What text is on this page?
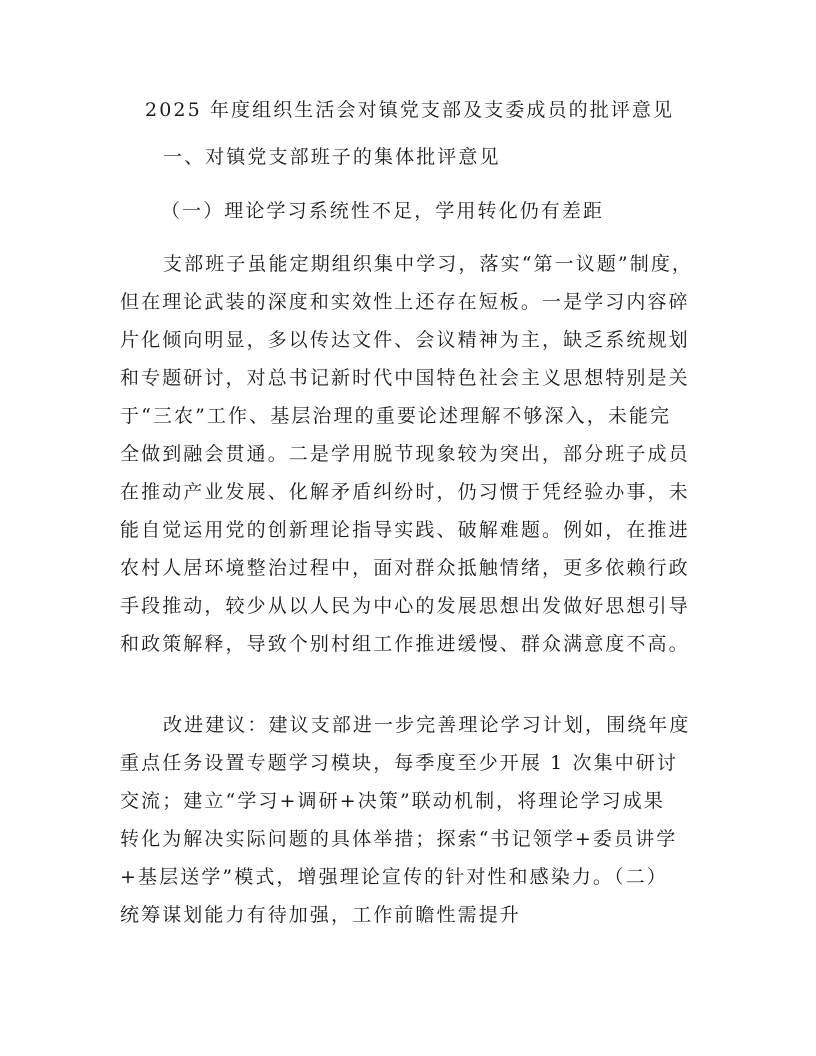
2025 年度组织生活会对镇党支部及支委成员的批评意见
一、对镇党支部班子的集体批评意见
（一）理论学习系统性不足，学用转化仍有差距
支部班子虽能定期组织集中学习，落实“第一议题”制度，
但在理论武装的深度和实效性上还存在短板。一是学习内容碎
片化倾向明显，多以传达文件、会议精神为主，缺乏系统规划
和专题研讨，对总书记新时代中国特色社会主义思想特别是关
于“三农”工作、基层治理的重要论述理解不够深入，未能完
全做到融会贯通。二是学用脱节现象较为突出，部分班子成员
在推动产业发展、化解矛盾纠纷时，仍习惯于凭经验办事，未
能自觉运用党的创新理论指导实践、破解难题。例如，在推进
农村人居环境整治过程中，面对群众抵触情绪，更多依赖行政
手段推动，较少从以人民为中心的发展思想出发做好思想引导
和政策解释，导致个别村组工作推进缓慢、群众满意度不高。
改进建议：建议支部进一步完善理论学习计划，围绕年度
重点任务设置专题学习模块，每季度至少开展 1 次集中研讨
交流；建立“学习+调研+决策”联动机制，将理论学习成果
转化为解决实际问题的具体举措；探索“书记领学+委员讲学
+基层送学”模式，增强理论宣传的针对性和感染力。（二）
统筹谋划能力有待加强，工作前瞻性需提升
